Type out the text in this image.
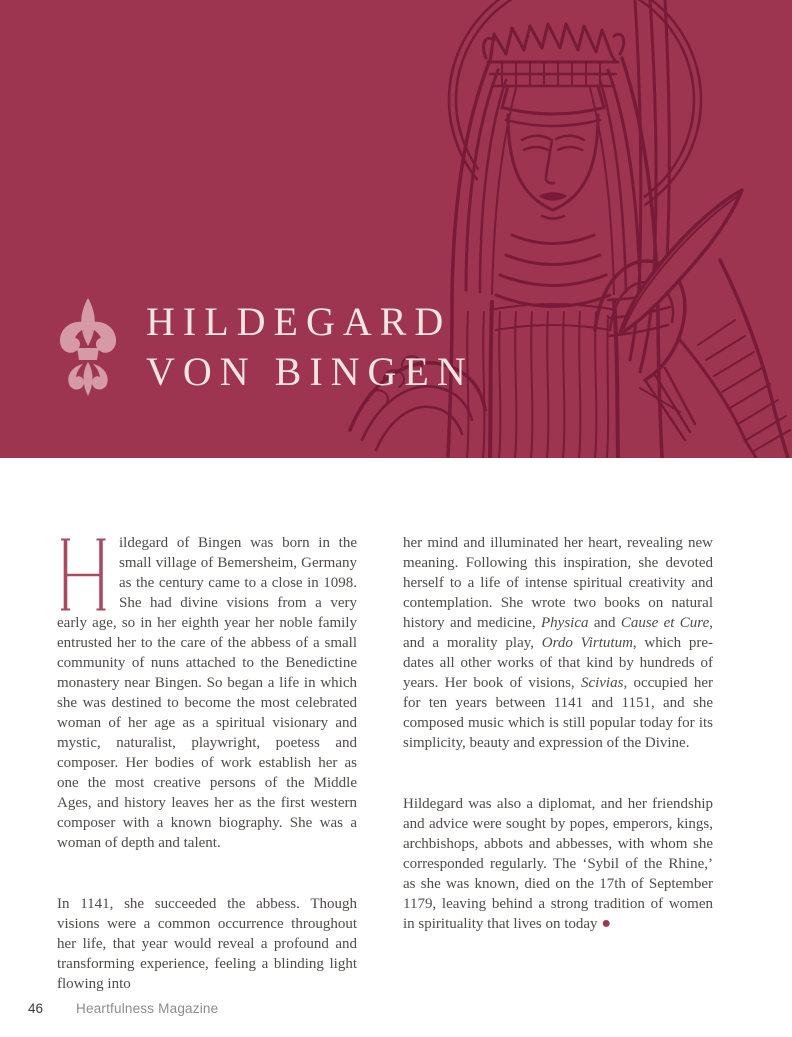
HILDEGARD
VON BINGEN

ildegard of Bingen was born in the small village of Bemersheim, Germany as the century came to a close in 1098. She had divine visions from a very early age, so in her eighth year her noble family entrusted her to the care of the abbess of a small community of nuns attached to the Benedictine monastery near Bingen. So began a life in which she was destined to become the most celebrated woman of her age as a spiritual visionary and mystic, naturalist, playwright, poetess and composer. Her bodies of work establish her as one the most creative persons of the Middle Ages, and history leaves her as the first western composer with a known biography. She was a woman of depth and talent.

In 1141, she succeeded the abbess. Though visions were a common occurrence throughout her life, that year would reveal a profound and transforming experience, feeling a blinding light flowing into

her mind and illuminated her heart, revealing new meaning. Following this inspiration, she devoted herself to a life of intense spiritual creativity and contemplation. She wrote two books on natural history and medicine, Physica and Cause et Cure, and a morality play, Ordo Virtutum, which pre-dates all other works of that kind by hundreds of years. Her book of visions, Scivias, occupied her for ten years between 1141 and 1151, and she composed music which is still popular today for its simplicity, beauty and expression of the Divine.

Hildegard was also a diplomat, and her friendship and advice were sought by popes, emperors, kings, archbishops, abbots and abbesses, with whom she corresponded regularly. The ‘Sybil of the Rhine,’ as she was known, died on the 17th of September 1179, leaving behind a strong tradition of women in spirituality that lives on today ●

46 Heartfulness Magazine
